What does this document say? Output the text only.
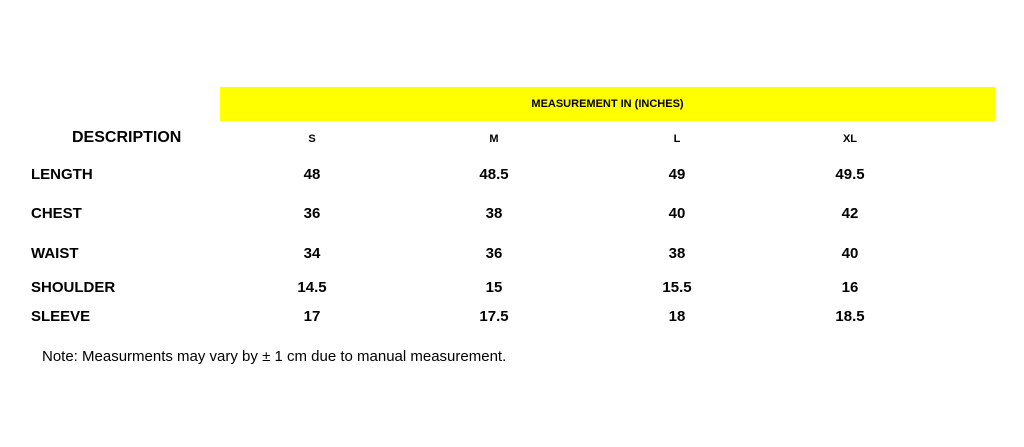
MEASUREMENT IN (INCHES)
DESCRIPTION	S	M	L	XL
LENGTH	48	48.5	49	49.5
CHEST	36	38	40	42
WAIST	34	36	38	40
SHOULDER	14.5	15	15.5	16
SLEEVE	17	17.5	18	18.5
Note: Measurments may vary by ± 1 cm due to manual measurement.
